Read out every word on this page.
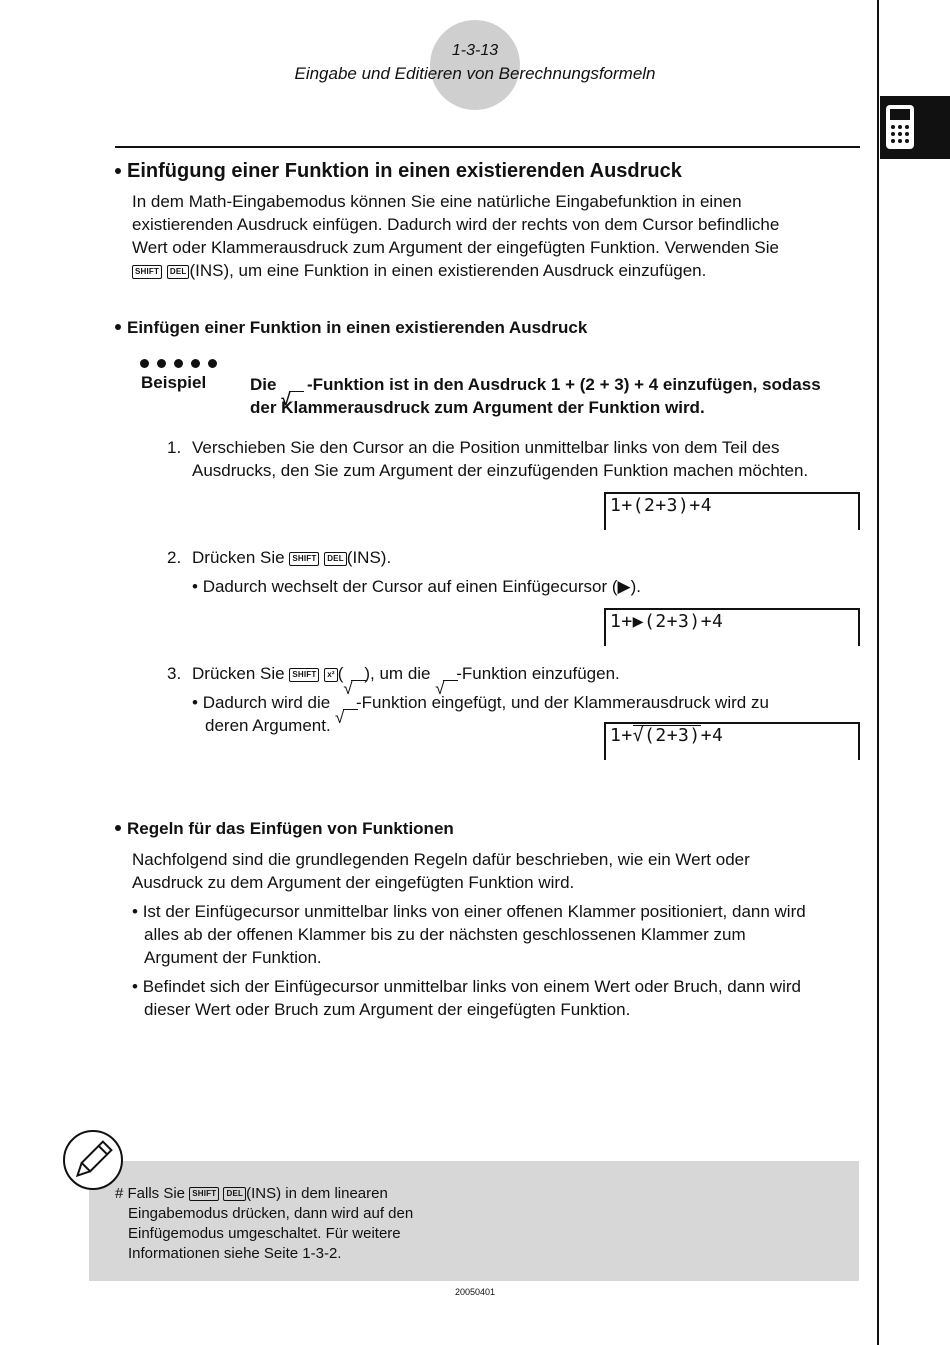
1-3-13
Eingabe und Editieren von Berechnungsformeln
Einfügung einer Funktion in einen existierenden Ausdruck
In dem Math-Eingabemodus können Sie eine natürliche Eingabefunktion in einen
existierenden Ausdruck einfügen. Dadurch wird der rechts von dem Cursor befindliche
Wert oder Klammerausdruck zum Argument der eingefügten Funktion. Verwenden Sie
SHIFT DEL (INS), um eine Funktion in einen existierenden Ausdruck einzufügen.
Einfügen einer Funktion in einen existierenden Ausdruck
Beispiel	Die -Funktion ist in den Ausdruck 1 + (2 + 3) + 4 einzufügen, sodass
der Klammerausdruck zum Argument der Funktion wird.
1. Verschieben Sie den Cursor an die Position unmittelbar links von dem Teil des
Ausdrucks, den Sie zum Argument der einzufügenden Funktion machen möchten.
1+(2+3)+4
2. Drücken Sie SHIFT DEL (INS).
• Dadurch wechselt der Cursor auf einen Einfügecursor (▶).
1+▶(2+3)+4
3. Drücken Sie SHIFT x² ( ), um die -Funktion einzufügen.
• Dadurch wird die -Funktion eingefügt, und der Klammerausdruck wird zu
deren Argument.	1+√(2+3)+4
Regeln für das Einfügen von Funktionen
Nachfolgend sind die grundlegenden Regeln dafür beschrieben, wie ein Wert oder
Ausdruck zu dem Argument der eingefügten Funktion wird.
• Ist der Einfügecursor unmittelbar links von einer offenen Klammer positioniert, dann wird
alles ab der offenen Klammer bis zu der nächsten geschlossenen Klammer zum
Argument der Funktion.
• Befindet sich der Einfügecursor unmittelbar links von einem Wert oder Bruch, dann wird
dieser Wert oder Bruch zum Argument der eingefügten Funktion.
# Falls Sie SHIFT DEL (INS) in dem linearen
Eingabemodus drücken, dann wird auf den
Einfügemodus umgeschaltet. Für weitere
Informationen siehe Seite 1-3-2.
20050401
